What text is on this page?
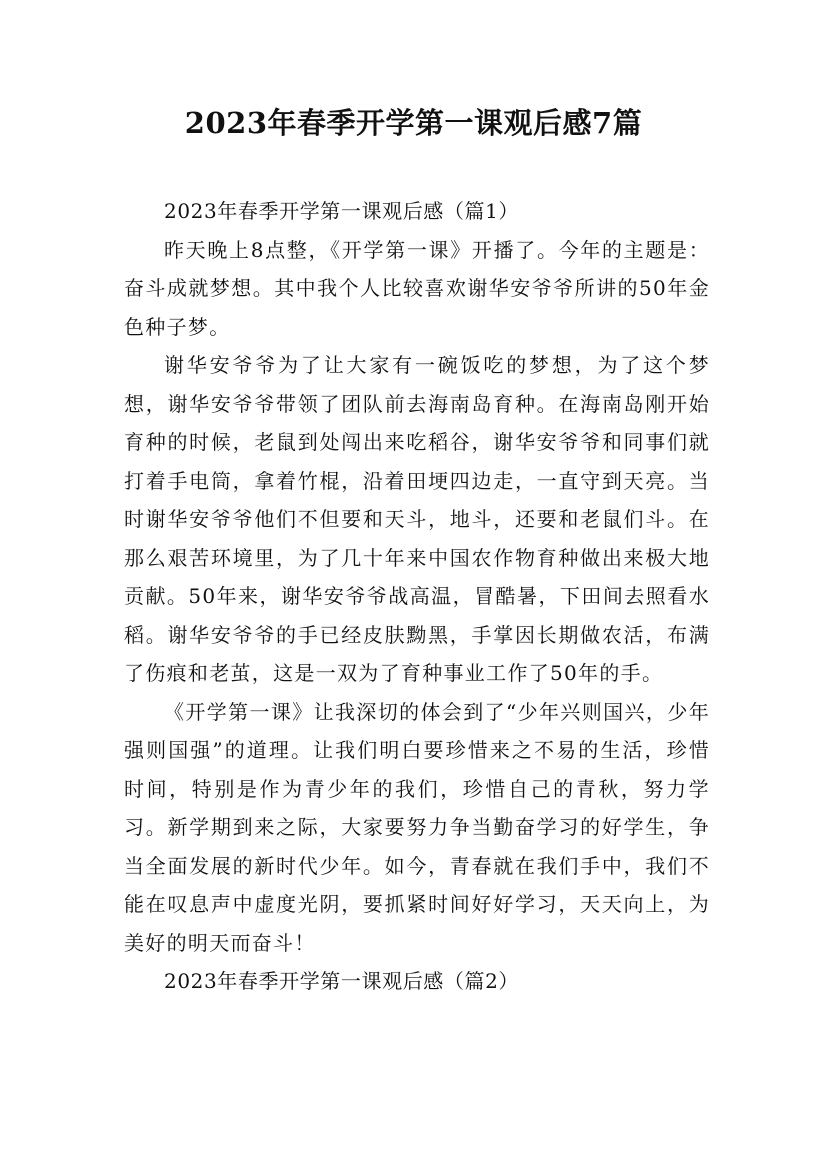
2023年春季开学第一课观后感7篇

2023年春季开学第一课观后感（篇1）

昨天晚上8点整，《开学第一课》开播了。今年的主题是：奋斗成就梦想。其中我个人比较喜欢谢华安爷爷所讲的50年金色种子梦。

谢华安爷爷为了让大家有一碗饭吃的梦想，为了这个梦想，谢华安爷爷带领了团队前去海南岛育种。在海南岛刚开始育种的时候，老鼠到处闯出来吃稻谷，谢华安爷爷和同事们就打着手电筒，拿着竹棍，沿着田埂四边走，一直守到天亮。当时谢华安爷爷他们不但要和天斗，地斗，还要和老鼠们斗。在那么艰苦环境里，为了几十年来中国农作物育种做出来极大地贡献。50年来，谢华安爷爷战高温，冒酷暑，下田间去照看水稻。谢华安爷爷的手已经皮肤黝黑，手掌因长期做农活，布满了伤痕和老茧，这是一双为了育种事业工作了50年的手。

《开学第一课》让我深切的体会到了“少年兴则国兴，少年强则国强”的道理。让我们明白要珍惜来之不易的生活，珍惜时间，特别是作为青少年的我们，珍惜自己的青秋，努力学习。新学期到来之际，大家要努力争当勤奋学习的好学生，争当全面发展的新时代少年。如今，青春就在我们手中，我们不能在叹息声中虚度光阴，要抓紧时间好好学习，天天向上，为美好的明天而奋斗！

2023年春季开学第一课观后感（篇2）
